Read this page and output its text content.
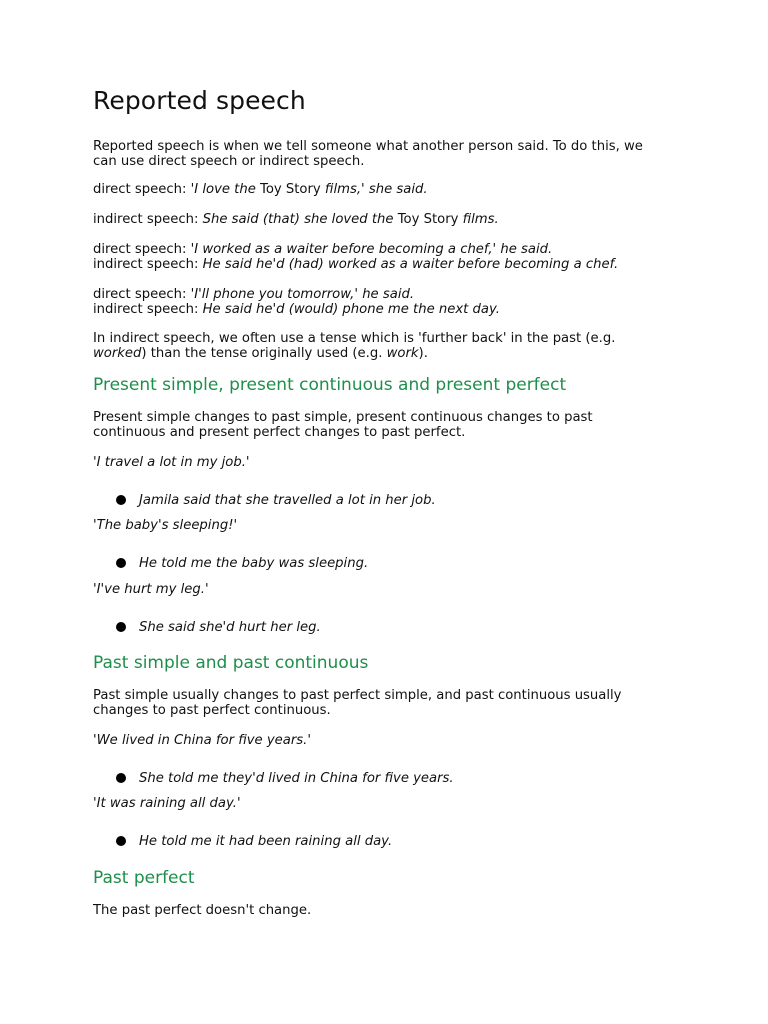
Reported speech

Reported speech is when we tell someone what another person said. To do this, we
can use direct speech or indirect speech.

direct speech: 'I love the Toy Story films,' she said.

indirect speech: She said (that) she loved the Toy Story films.

direct speech: 'I worked as a waiter before becoming a chef,' he said.
indirect speech: He said he'd (had) worked as a waiter before becoming a chef.

direct speech: 'I'll phone you tomorrow,' he said.
indirect speech: He said he'd (would) phone me the next day.

In indirect speech, we often use a tense which is 'further back' in the past (e.g.
worked) than the tense originally used (e.g. work).

Present simple, present continuous and present perfect

Present simple changes to past simple, present continuous changes to past
continuous and present perfect changes to past perfect.

'I travel a lot in my job.'

Jamila said that she travelled a lot in her job.

'The baby's sleeping!'

He told me the baby was sleeping.

'I've hurt my leg.'

She said she'd hurt her leg.
Past simple and past continuous

Past simple usually changes to past perfect simple, and past continuous usually
changes to past perfect continuous.

'We lived in China for five years.'

She told me they'd lived in China for five years.

'It was raining all day.'

He told me it had been raining all day.
Past perfect

The past perfect doesn't change.
